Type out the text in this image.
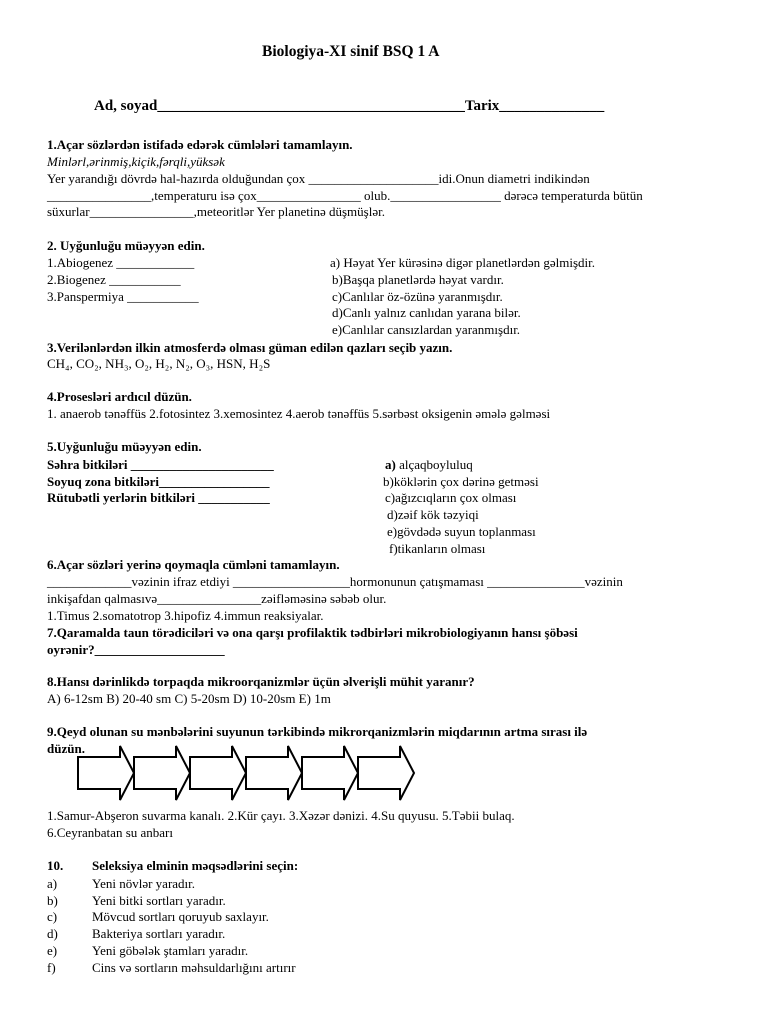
Biologiya-XI sinif BSQ 1 A
Ad, soyad_________________________________________Tarix______________
1.Açar sözlərdən istifadə edərək cümlələri tamamlayın.
Minlərl,ərinmiş,kiçik,fərqli,yüksək
Yer yarandığı dövrdə hal-hazırda olduğundan çox ____________________idi.Onun diametri indikindən
________________,temperaturu isə çox________________ olub._________________ dərəcə temperaturda bütün
süxurlar________________,meteoritlər Yer planetinə düşmüşlər.
2. Uyğunluğu müəyyən edin.
1.Abiogenez ____________
2.Biogenez ___________
3.Panspermiya ___________
a) Həyat Yer kürəsinə digər planetlərdən gəlmişdir.
b)Başqa planetlərdə həyat vardır.
c)Canlılar öz-özünə yaranmışdır.
d)Canlı yalnız canlıdan yarana bilər.
e)Canlılar cansızlardan yaranmışdır.
3.Verilənlərdən ilkin atmosferdə olması güman edilən qazları seçib yazın.
CH₄, CO₂, NH₃, O₂, H₂, N₂, O₃, HSN, H₂S
4.Prosesləri ardıcıl düzün.
1. anaerob tənəffüs 2.fotosintez 3.xemosintez 4.aerob tənəffüs 5.sərbəst oksigenin əmələ gəlməsi
5.Uyğunluğu müəyyən edin.
Səhra bitkiləri ______________________
Soyuq zona bitkiləri_________________
Rütubətli yerlərin bitkiləri ___________
a) alçaqboyluluq
b)köklərin çox dərinə getməsi
c)ağızcıqların çox olması
d)zəif kök təzyiqi
e)gövdədə suyun toplanması
f)tikanların olması
6.Açar sözləri yerinə qoymaqla cümləni tamamlayın.
_____________vəzinin ifraz etdiyi __________________hormonunun çatışmaması _______________vəzinin
inkişafdan qalmasıvə________________zəifləməsinə səbəb olur.
1.Timus 2.somatotrop 3.hipofiz 4.immun reaksiyalar.
7.Qaramalda taun törədiciləri və ona qarşı profilaktik tədbirləri mikrobiologiyanın hansı şöbəsi
oyrənir?____________________
8.Hansı dərinlikdə torpaqda mikroorqanizmlər üçün əlverişli mühit yaranır?
A) 6-12sm B) 20-40 sm C) 5-20sm D) 10-20sm E) 1m
9.Qeyd olunan su mənbələrini suyunun tərkibində mikrorqanizmlərin miqdarının artma sırası ilə
düzün.
1.Samur-Abşeron suvarma kanalı. 2.Kür çayı. 3.Xəzər dənizi. 4.Su quyusu. 5.Təbii bulaq.
6.Ceyranbatan su anbarı
10. Seleksiya elminin məqsədlərini seçin:
a)	Yeni növlər yaradır.
b)	Yeni bitki sortları yaradır.
c)	Mövcud sortları qoruyub saxlayır.
d)	Bakteriya sortları yaradır.
e)	Yeni göbələk ştamları yaradır.
f)	Cins və sortların məhsuldarlığını artırır
